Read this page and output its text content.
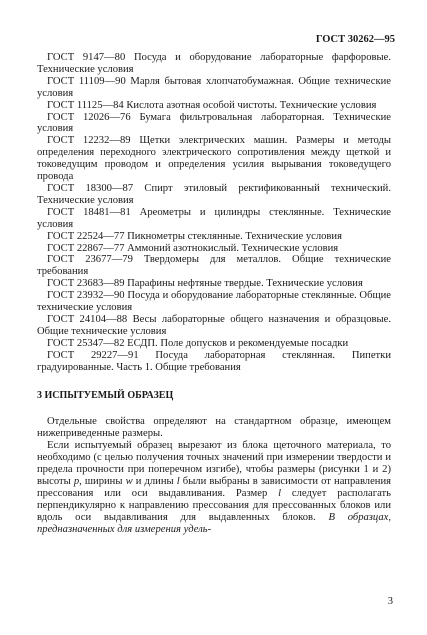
ГОСТ 30262—95
ГОСТ 9147—80 Посуда и оборудование лабораторные фарфоровые. Технические условия
ГОСТ 11109—90 Марля бытовая хлопчатобумажная. Общие технические условия
ГОСТ 11125—84 Кислота азотная особой чистоты. Технические условия
ГОСТ 12026—76 Бумага фильтровальная лабораторная. Технические условия
ГОСТ 12232—89 Щетки электрических машин. Размеры и методы определения переходного электрического сопротивления между щеткой и токоведущим проводом и определения усилия вырывания токоведущего провода
ГОСТ 18300—87 Спирт этиловый ректификованный технический. Технические условия
ГОСТ 18481—81 Ареометры и цилиндры стеклянные. Технические условия
ГОСТ 22524—77 Пикнометры стеклянные. Технические условия
ГОСТ 22867—77 Аммоний азотнокислый. Технические условия
ГОСТ 23677—79 Твердомеры для металлов. Общие технические требования
ГОСТ 23683—89 Парафины нефтяные твердые. Технические условия
ГОСТ 23932—90 Посуда и оборудование лабораторные стеклянные. Общие технические условия
ГОСТ 24104—88 Весы лабораторные общего назначения и образцовые. Общие технические условия
ГОСТ 25347—82 ЕСДП. Поле допусков и рекомендуемые посадки
ГОСТ 29227—91 Посуда лабораторная стеклянная. Пипетки градуированные. Часть 1. Общие требования
3 ИСПЫТУЕМЫЙ ОБРАЗЕЦ
Отдельные свойства определяют на стандартном образце, имеющем нижеприведенные размеры.
Если испытуемый образец вырезают из блока щеточного материала, то необходимо (с целью получения точных значений при измерении твердости и предела прочности при поперечном изгибе), чтобы размеры (рисунки 1 и 2) высоты p, ширины w и длины l были выбраны в зависимости от направления прессования или оси выдавливания. Размер l следует располагать перпендикулярно к направлению прессования для прессованных блоков или вдоль оси выдавливания для выдавленных блоков. В образцах, предназначенных для измерения удель-
3
